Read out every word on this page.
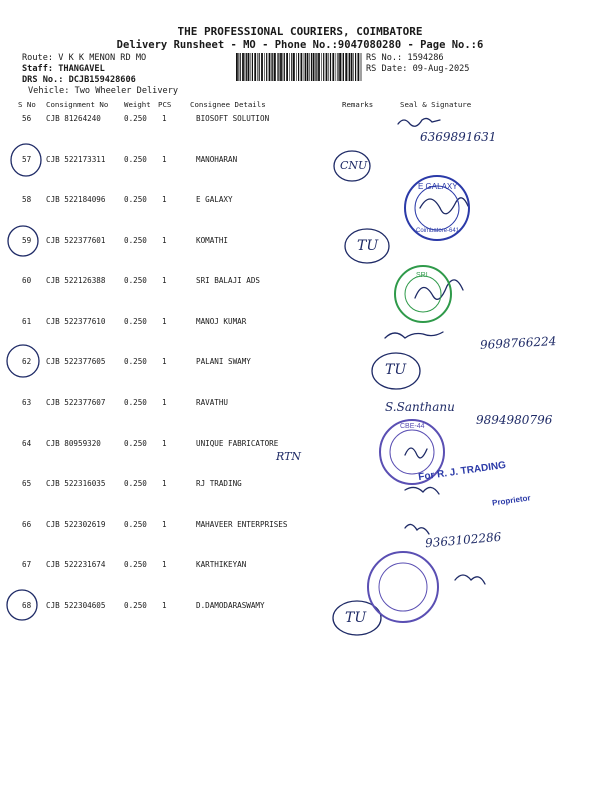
THE PROFESSIONAL COURIERS, COIMBATORE
Delivery Runsheet - MO - Phone No.:9047080280 - Page No.:6
Route: V K K MENON RD MO
Staff: THANGAVEL
DRS No.: DCJB159428606
Vehicle: Two Wheeler Delivery
RS No.: 1594286
RS Date: 09-Aug-2025
S No Consignment No Weight PCS	Consignee Details	Remarks	Seal & Signature
56 CJB 81264240	0.250 1	BIOSOFT SOLUTION
57 CJB 522173311 0.250 1	MANOHARAN
58 CJB 522184096 0.250 1	E GALAXY
59 CJB 522377601 0.250 1	KOMATHI
60 CJB 522126388 0.250 1	SRI BALAJI ADS
61 CJB 522377610 0.250 1	MANOJ KUMAR
62 CJB 522377605 0.250 1	PALANI SWAMY
63 CJB 522377607 0.250 1	RAVATHU
64 CJB 80959320	0.250 1	UNIQUE FABRICATORE
65 CJB 522316035 0.250 1	RJ TRADING
66 CJB 522302619 0.250 1	MAHAVEER ENTERPRISES
67 CJB 522231674 0.250 1	KARTHIKEYAN
68 CJB 522304605 0.250 1	D.DAMODARASWAMY
6369891631
CNU
TU
9698766224
TU
S.Santhanu
9894980796
RTN
9363102286
TU
For R. J. TRADING
Proprietor
E GALAXY
Coimbatore-641
SRI
CBE-44
